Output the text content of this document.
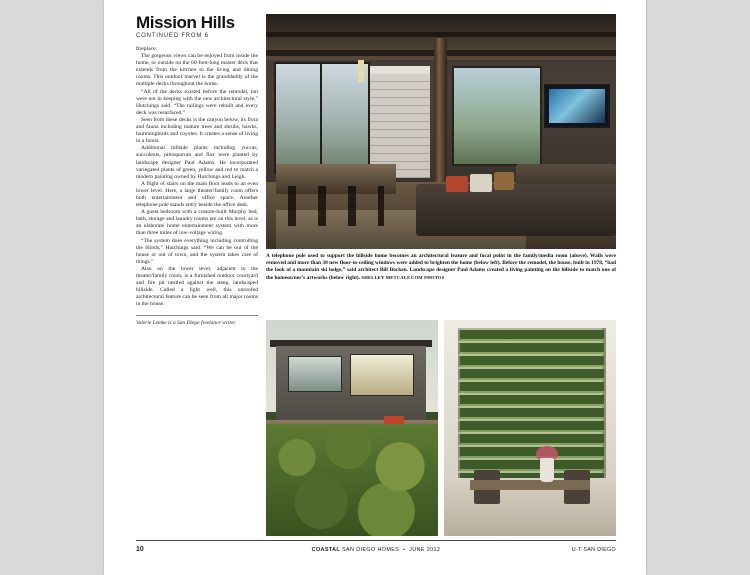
Mission Hills
CONTINUED FROM 6

fireplace.

The gorgeous views can be enjoyed from inside the home, or outside on the 60-foot-long master deck that extends from the kitchen to the living and dining rooms. This outdoor marvel is the granddaddy of the multiple decks throughout the home.

“All of the decks existed before the remodel, but were not in keeping with the new architectural style,” Hutchings said. “The railings were rebuilt and every deck was resurfaced.”

Seen from these decks is the canyon below, its flora and fauna including mature trees and shrubs, hawks, hummingbirds and coyotes. It creates a sense of living in a forest.

Additional hillside plants including yuccas, succulents, pittosporum and flax were planted by landscape designer Paul Adams. He incorporated variegated plants of green, yellow and red to match a modern painting owned by Hutchings and Leigh.

A flight of stairs on the main floor leads to an even lower level. Here, a large theater/family room offers both entertainment and office space. Another telephone pole stands entry beside the office desk.

A guest bedroom with a custom-built Murphy bed, bath, storage and laundry rooms are on this level, as is an elaborate home entertainment system with more than three miles of low-voltage wiring.

“The system does everything including controlling the blinds,” Hutchings said. “We can be out of the house or out of town, and the system takes care of things.”

Also on the lower level, adjacent to the theater/family room, is a furnished outdoor courtyard and fire pit nestled against the steep, landscaped hillside. Called a light well, this unroofed architectural feature can be seen from all major rooms in the house.

Valerie Lemke is a San Diego freelance writer.
A telephone pole used to support the hillside home becomes an architectural feature and focal point in the family/media room (above). Walls were removed and more than 30 new floor-to-ceiling windows were added to brighten the home (below left). Before the remodel, the house, built in 1978, “had the look of a mountain ski lodge,” said architect Bill Bocken. Landscape designer Paul Adams created a living painting on the hillside to match one of the homeowner’s artworks (below right). SHELLEY METCALF.COM PHOTOS
10	COASTAL SAN DIEGO HOMES  •  JUNE 2012	U-T SAN DIEGO
